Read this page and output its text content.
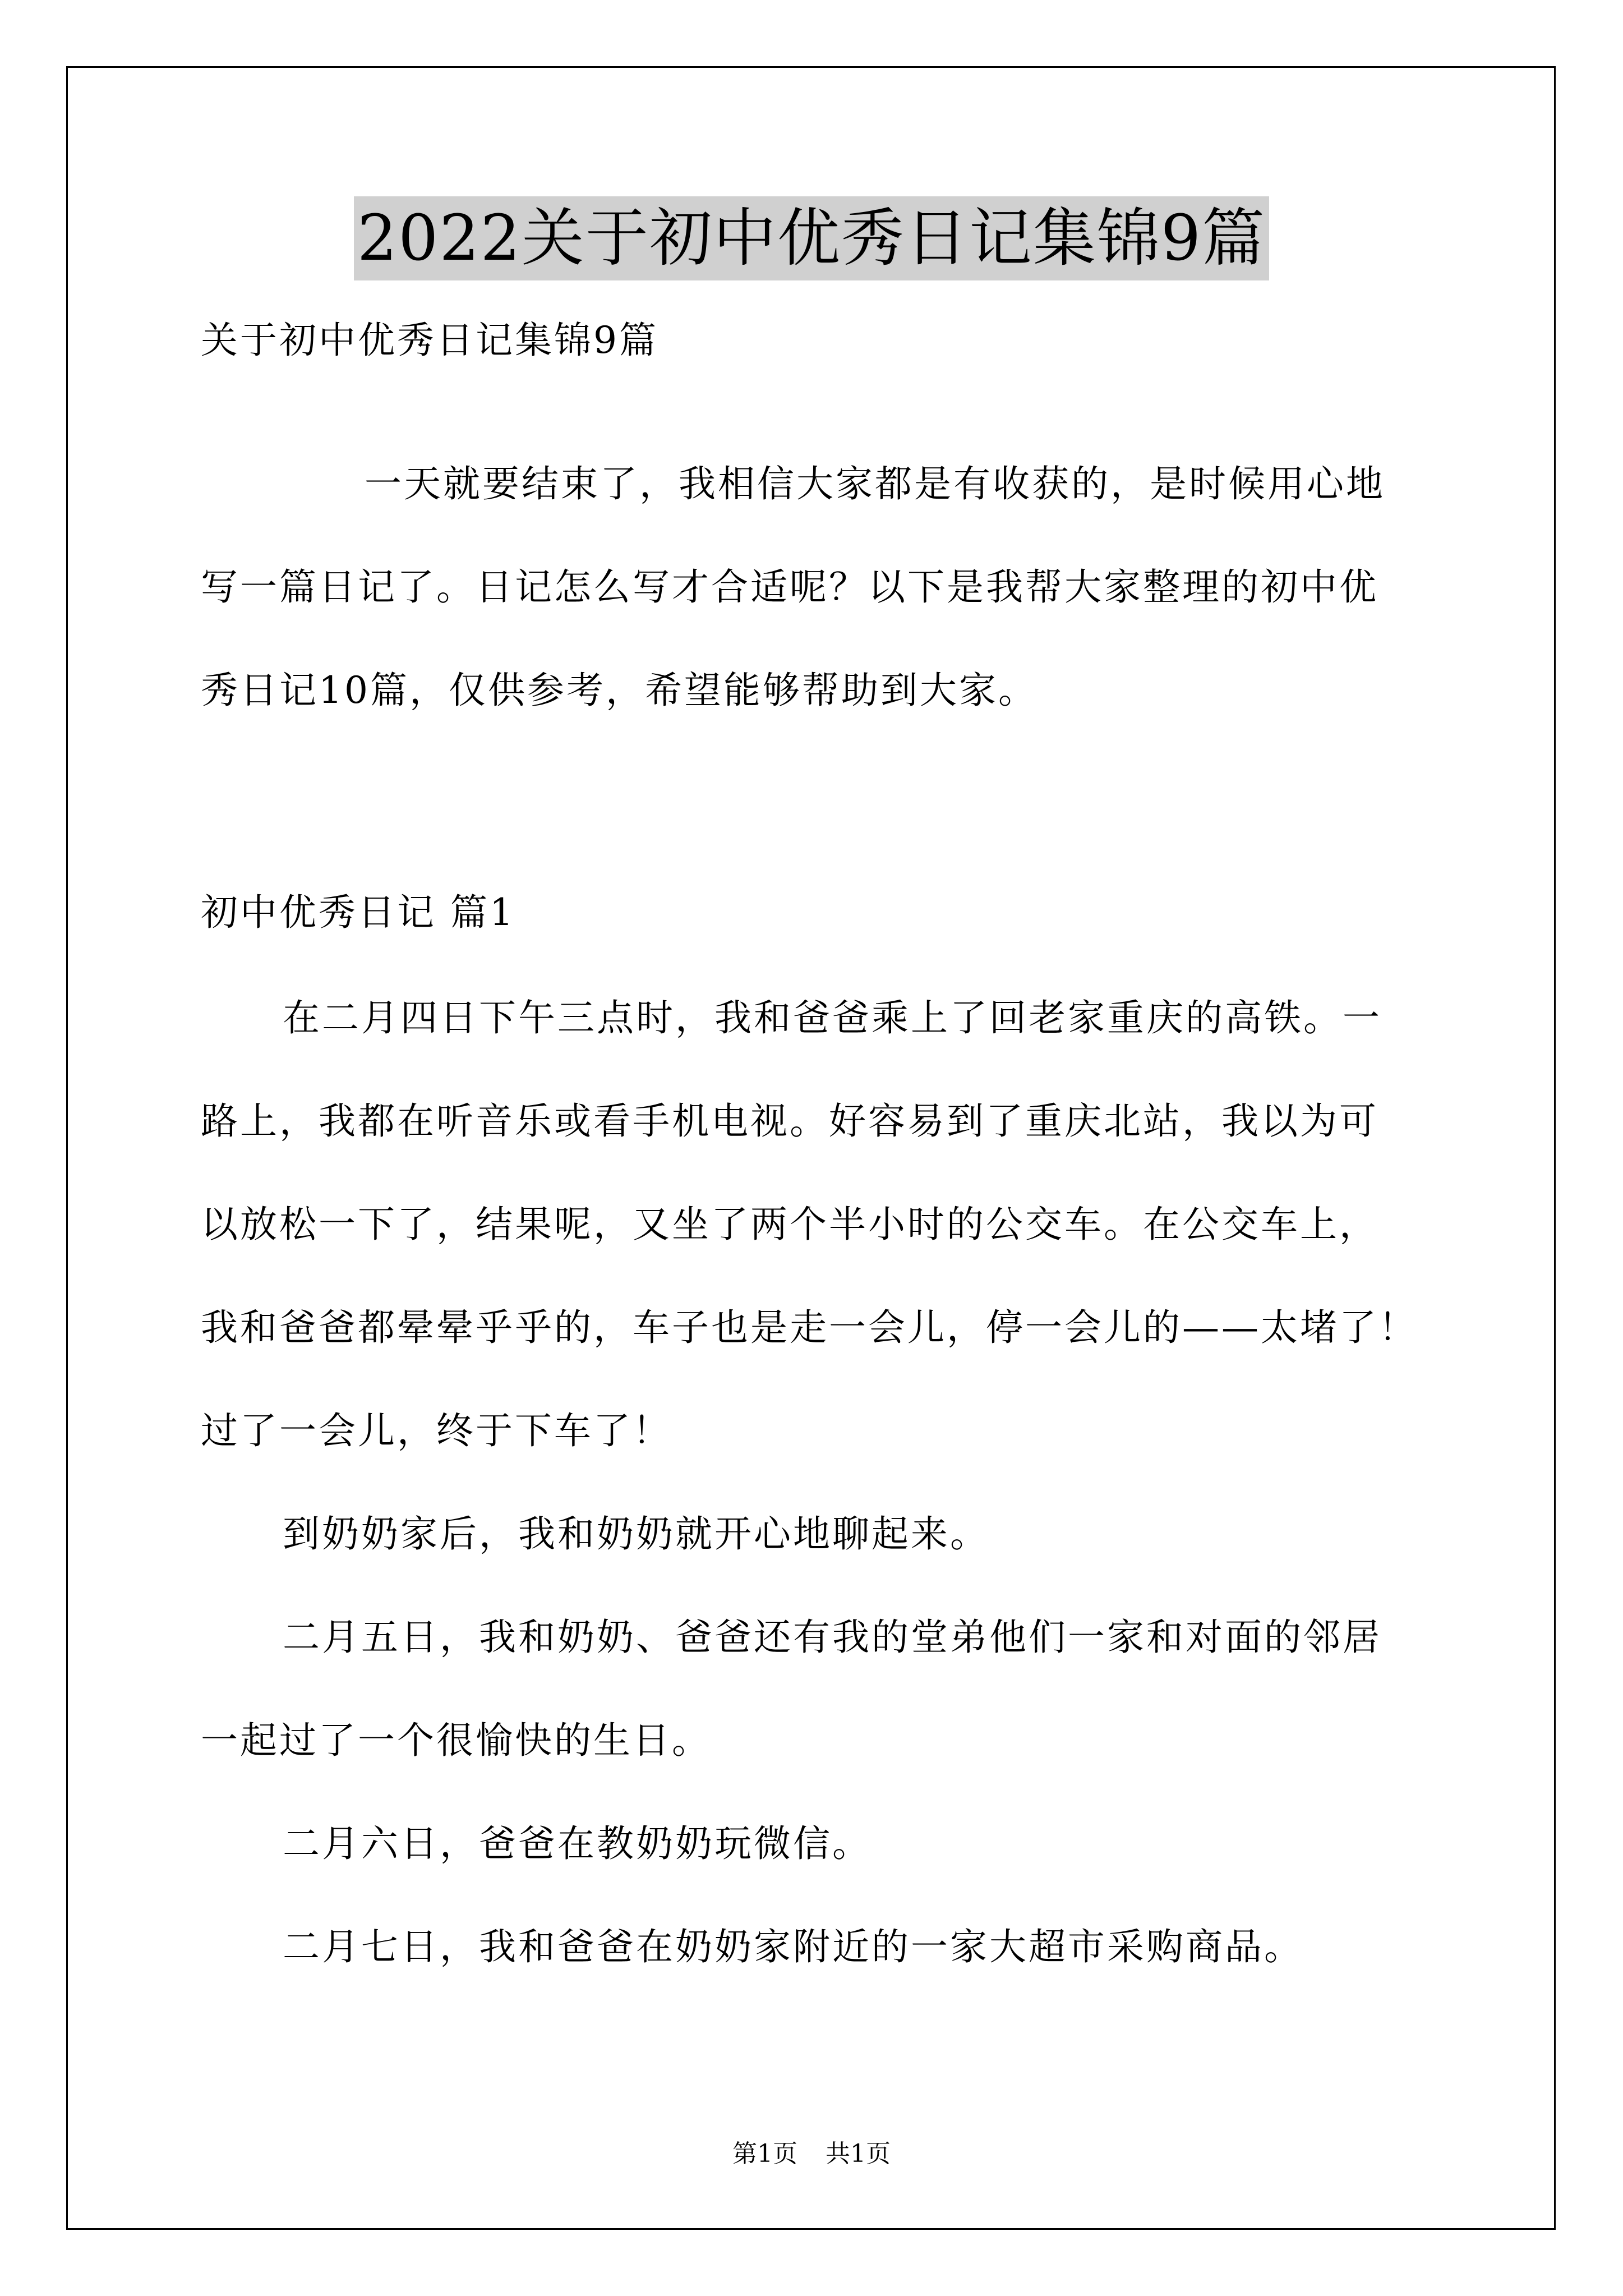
2022关于初中优秀日记集锦9篇
关于初中优秀日记集锦9篇
一天就要结束了，我相信大家都是有收获的，是时候用心地
写一篇日记了。日记怎么写才合适呢？以下是我帮大家整理的初中优
秀日记10篇，仅供参考，希望能够帮助到大家。
初中优秀日记 篇1
在二月四日下午三点时，我和爸爸乘上了回老家重庆的高铁。一
路上，我都在听音乐或看手机电视。好容易到了重庆北站，我以为可
以放松一下了，结果呢，又坐了两个半小时的公交车。在公交车上，
我和爸爸都晕晕乎乎的，车子也是走一会儿，停一会儿的——太堵了！
过了一会儿，终于下车了！
到奶奶家后，我和奶奶就开心地聊起来。
二月五日，我和奶奶、爸爸还有我的堂弟他们一家和对面的邻居
一起过了一个很愉快的生日。
二月六日，爸爸在教奶奶玩微信。
二月七日，我和爸爸在奶奶家附近的一家大超市采购商品。
第1页 共1页
